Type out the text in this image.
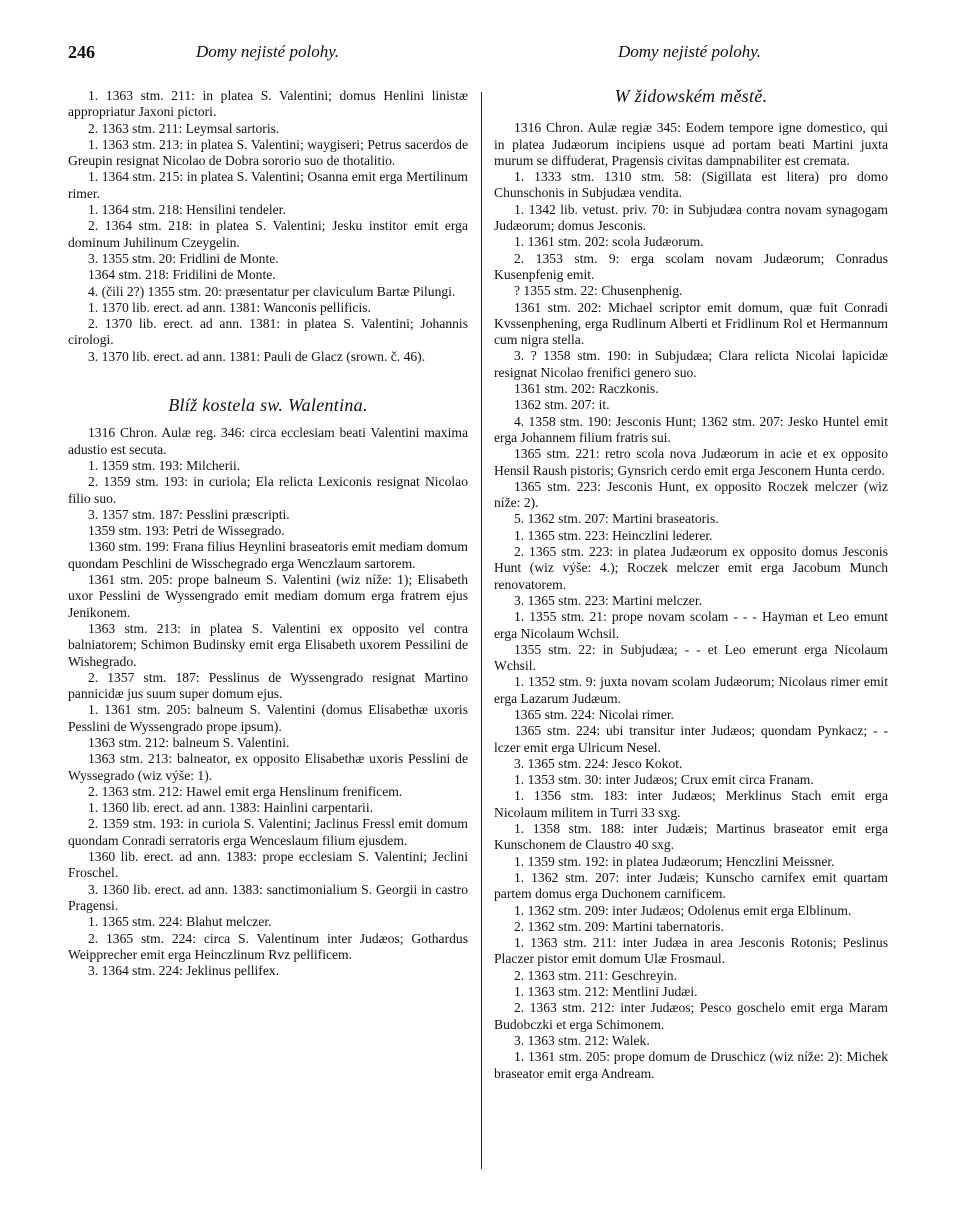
246	Domy nejisté polohy.	Domy nejisté polohy.

1. 1363 stm. 211: in platea S. Valentini; domus Henlini linistæ appropriatur Jaxoni pictori.

2. 1363 stm. 211: Leymsal sartoris.

1. 1363 stm. 213: in platea S. Valentini; waygiseri; Petrus sacerdos de Greupin resignat Nicolao de Dobra sororio suo de thotalitio.

1. 1364 stm. 215: in platea S. Valentini; Osanna emit erga Mertilinum rimer.

1. 1364 stm. 218: Hensilini tendeler.

2. 1364 stm. 218: in platea S. Valentini; Jesku institor emit erga dominum Juhilinum Czeygelin.

3. 1355 stm. 20: Fridlini de Monte.

1364 stm. 218: Fridilini de Monte.

4. (čili 2?) 1355 stm. 20: præsentatur per claviculum Bartæ Pilungi.

1. 1370 lib. erect. ad ann. 1381: Wanconis pellificis.

2. 1370 lib. erect. ad ann. 1381: in platea S. Valentini; Johannis cirologi.

3. 1370 lib. erect. ad ann. 1381: Pauli de Glacz (srown. č. 46).

Blíž kostela sw. Walentina.

1316 Chron. Aulæ reg. 346: circa ecclesiam beati Valentini maxima adustio est secuta.

1. 1359 stm. 193: Milcherii.

2. 1359 stm. 193: in curiola; Ela relicta Lexiconis resignat Nicolao filio suo.

3. 1357 stm. 187: Pesslini præscripti.

1359 stm. 193: Petri de Wissegrado.

1360 stm. 199: Frana filius Heynlini braseatoris emit mediam domum quondam Peschlini de Wisschegrado erga Wenczlaum sartorem.

1361 stm. 205: prope balneum S. Valentini (wiz níže: 1); Elisabeth uxor Pesslini de Wyssengrado emit mediam domum erga fratrem ejus Jenikonem.

1363 stm. 213: in platea S. Valentini ex opposito vel contra balniatorem; Schimon Budinsky emit erga Elisabeth uxorem Pessilini de Wishegrado.

2. 1357 stm. 187: Pesslinus de Wyssengrado resignat Martino pannicidæ jus suum super domum ejus.

1. 1361 stm. 205: balneum S. Valentini (domus Elisabethæ uxoris Pesslini de Wyssengrado prope ipsum).

1363 stm. 212: balneum S. Valentini.

1363 stm. 213: balneator, ex opposito Elisabethæ uxoris Pesslini de Wyssegrado (wiz výše: 1).

2. 1363 stm. 212: Hawel emit erga Henslinum frenificem.

1. 1360 lib. erect. ad ann. 1383: Hainlini carpentarii.

2. 1359 stm. 193: in curiola S. Valentini; Jaclinus Fressl emit domum quondam Conradi serratoris erga Wenceslaum filium ejusdem.

1360 lib. erect. ad ann. 1383: prope ecclesiam S. Valentini; Jeclini Froschel.

3. 1360 lib. erect. ad ann. 1383: sanctimonialium S. Georgii in castro Pragensi.

1. 1365 stm. 224: Blahut melczer.

2. 1365 stm. 224: circa S. Valentinum inter Judæos; Gothardus Weipprecher emit erga Heinczlinum Rvz pellificem.

3. 1364 stm. 224: Jeklinus pellifex.

W židowském městě.

1316 Chron. Aulæ regiæ 345: Eodem tempore igne domestico, qui in platea Judæorum incipiens usque ad portam beati Martini juxta murum se diffuderat, Pragensis civitas dampnabiliter est cremata.

1. 1333 stm. 1310 stm. 58: (Sigillata est litera) pro domo Chunschonis in Subjudæa vendita.

1. 1342 lib. vetust. priv. 70: in Subjudæa contra novam synagogam Judæorum; domus Jesconis.

1. 1361 stm. 202: scola Judæorum.

2. 1353 stm. 9: erga scolam novam Judæorum; Conradus Kusenpfenig emit.

? 1355 stm. 22: Chusenphenig.

1361 stm. 202: Michael scriptor emit domum, quæ fuit Conradi Kvssenphening, erga Rudlinum Alberti et Fridlinum Rol et Hermannum cum nigra stella.

3. ? 1358 stm. 190: in Subjudæa; Clara relicta Nicolai lapicidæ resignat Nicolao frenifici genero suo.

1361 stm. 202: Raczkonis.

1362 stm. 207: it.

4. 1358 stm. 190: Jesconis Hunt; 1362 stm. 207: Jesko Huntel emit erga Johannem filium fratris sui.

1365 stm. 221: retro scola nova Judæorum in acie et ex opposito Hensil Raush pistoris; Gynsrich cerdo emit erga Jesconem Hunta cerdo.

1365 stm. 223: Jesconis Hunt, ex opposito Roczek melczer (wiz níže: 2).

5. 1362 stm. 207: Martini braseatoris.

1. 1365 stm. 223: Heinczlini lederer.

2. 1365 stm. 223: in platea Judæorum ex opposito domus Jesconis Hunt (wiz výše: 4.); Roczek melczer emit erga Jacobum Munch renovatorem.

3. 1365 stm. 223: Martini melczer.

1. 1355 stm. 21: prope novam scolam - - - Hayman et Leo emunt erga Nicolaum Wchsil.

1355 stm. 22: in Subjudæa; - - et Leo emerunt erga Nicolaum Wchsil.

1. 1352 stm. 9: juxta novam scolam Judæorum; Nicolaus rimer emit erga Lazarum Judæum.

1365 stm. 224: Nicolai rimer.

1365 stm. 224: ubi transitur inter Judæos; quondam Pynkacz; - - lczer emit erga Ulricum Nesel.

3. 1365 stm. 224: Jesco Kokot.

1. 1353 stm. 30: inter Judæos; Crux emit circa Franam.

1. 1356 stm. 183: inter Judæos; Merklinus Stach emit erga Nicolaum militem in Turri 33 sxg.

1. 1358 stm. 188: inter Judæis; Martinus braseator emit erga Kunschonem de Claustro 40 sxg.

1. 1359 stm. 192: in platea Judæorum; Henczlini Meissner.

1. 1362 stm. 207: inter Judæis; Kunscho carnifex emit quartam partem domus erga Duchonem carnificem.

1. 1362 stm. 209: inter Judæos; Odolenus emit erga Elblinum.

2. 1362 stm. 209: Martini tabernatoris.

1. 1363 stm. 211: inter Judæa in area Jesconis Rotonis; Peslinus Placzer pistor emit domum Ulæ Frosmaul.

2. 1363 stm. 211: Geschreyin.

1. 1363 stm. 212: Mentlini Judæi.

2. 1363 stm. 212: inter Judæos; Pesco goschelo emit erga Maram Budobczki et erga Schimonem.

3. 1363 stm. 212: Walek.

1. 1361 stm. 205: prope domum de Druschicz (wiz níže: 2): Michek braseator emit erga Andream.
